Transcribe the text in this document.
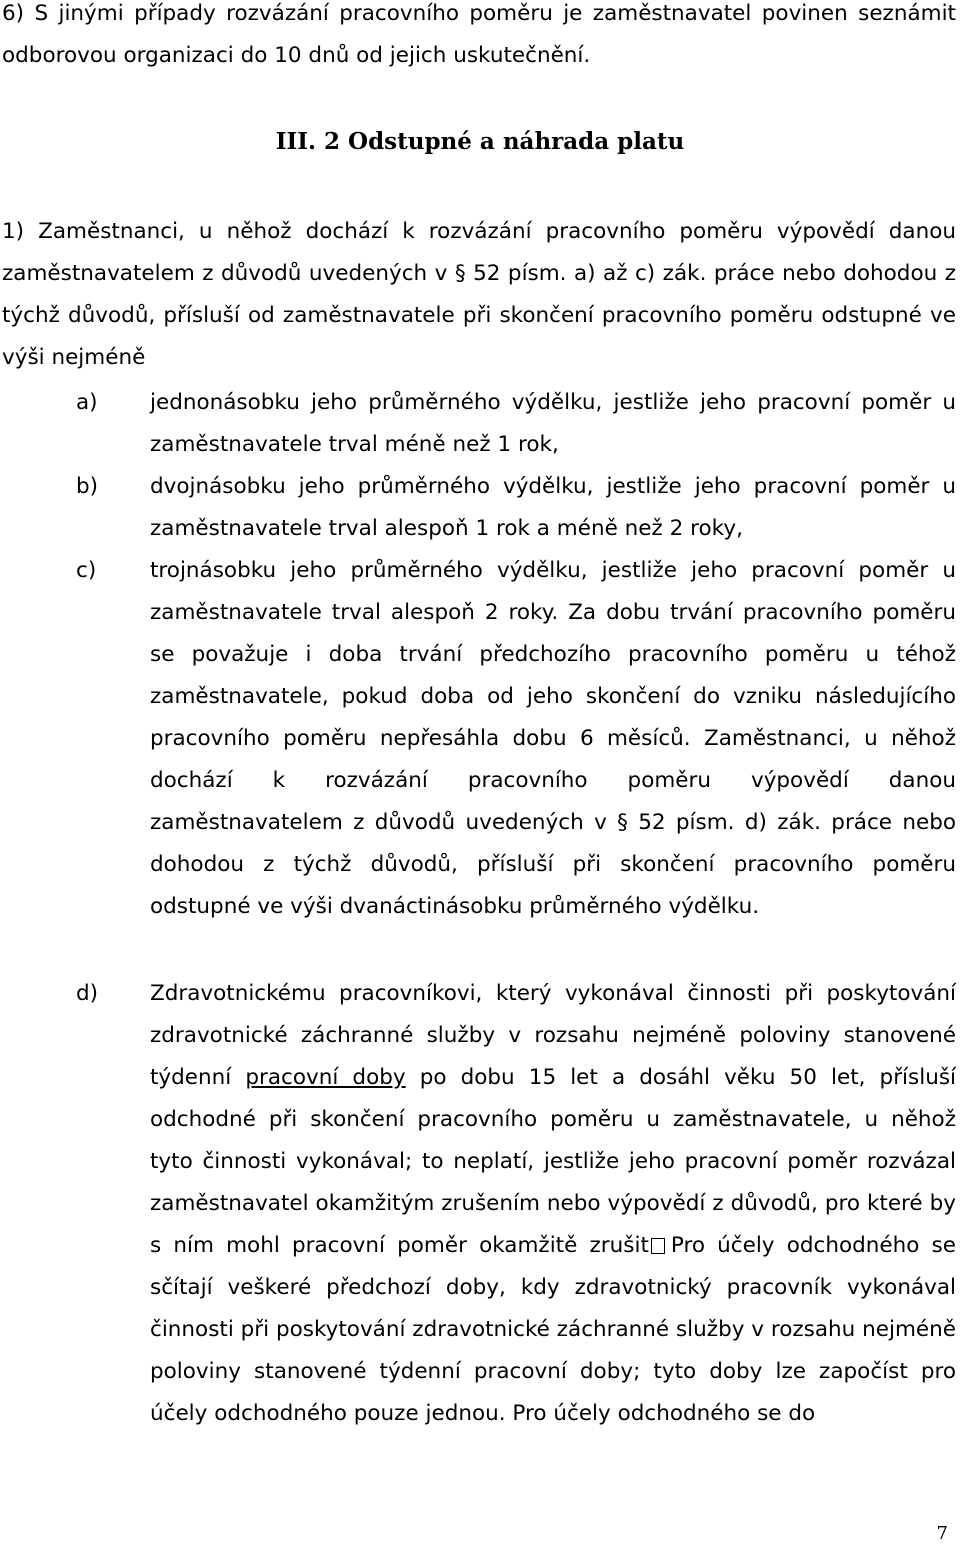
6) S jinými případy rozvázání pracovního poměru je zaměstnavatel povinen seznámit odborovou organizaci do 10 dnů od jejich uskutečnění.

III. 2 Odstupné a náhrada platu

1) Zaměstnanci, u něhož dochází k rozvázání pracovního poměru výpovědí danou zaměstnavatelem z důvodů uvedených v § 52 písm. a) až c) zák. práce nebo dohodou z týchž důvodů, přísluší od zaměstnavatele při skončení pracovního poměru odstupné ve výši nejméně

a) jednonásobku jeho průměrného výdělku, jestliže jeho pracovní poměr u zaměstnavatele trval méně než 1 rok,

b) dvojnásobku jeho průměrného výdělku, jestliže jeho pracovní poměr u zaměstnavatele trval alespoň 1 rok a méně než 2 roky,

c)	trojnásobku jeho průměrného výdělku, jestliže jeho pracovní poměr u zaměstnavatele trval alespoň 2 roky. Za dobu trvání pracovního poměru se považuje i doba trvání předchozího pracovního poměru u téhož zaměstnavatele, pokud doba od jeho skončení do vzniku následujícího pracovního poměru nepřesáhla dobu 6 měsíců. Zaměstnanci, u něhož dochází k rozvázání pracovního poměru výpovědí danou zaměstnavatelem z důvodů uvedených v § 52 písm. d) zák. práce nebo dohodou z týchž důvodů, přísluší při skončení pracovního poměru odstupné ve výši dvanáctinásobku průměrného výdělku.

d) Zdravotnickému pracovníkovi, který vykonával činnosti při poskytování zdravotnické záchranné služby v rozsahu nejméně poloviny stanovené týdenní pracovní doby po dobu 15 let a dosáhl věku 50 let, přísluší odchodné při skončení pracovního poměru u zaměstnavatele, u něhož tyto činnosti vykonával; to neplatí, jestliže jeho pracovní poměr rozvázal zaměstnavatel okamžitým zrušením nebo výpovědí z důvodů, pro které by s ním mohl pracovní poměr okamžitě zrušit Pro účely odchodného se sčítají veškeré předchozí doby, kdy zdravotnický pracovník vykonával činnosti při poskytování zdravotnické záchranné služby v rozsahu nejméně poloviny stanovené týdenní pracovní doby; tyto doby lze započíst pro účely odchodného pouze jednou. Pro účely odchodného se do

7
